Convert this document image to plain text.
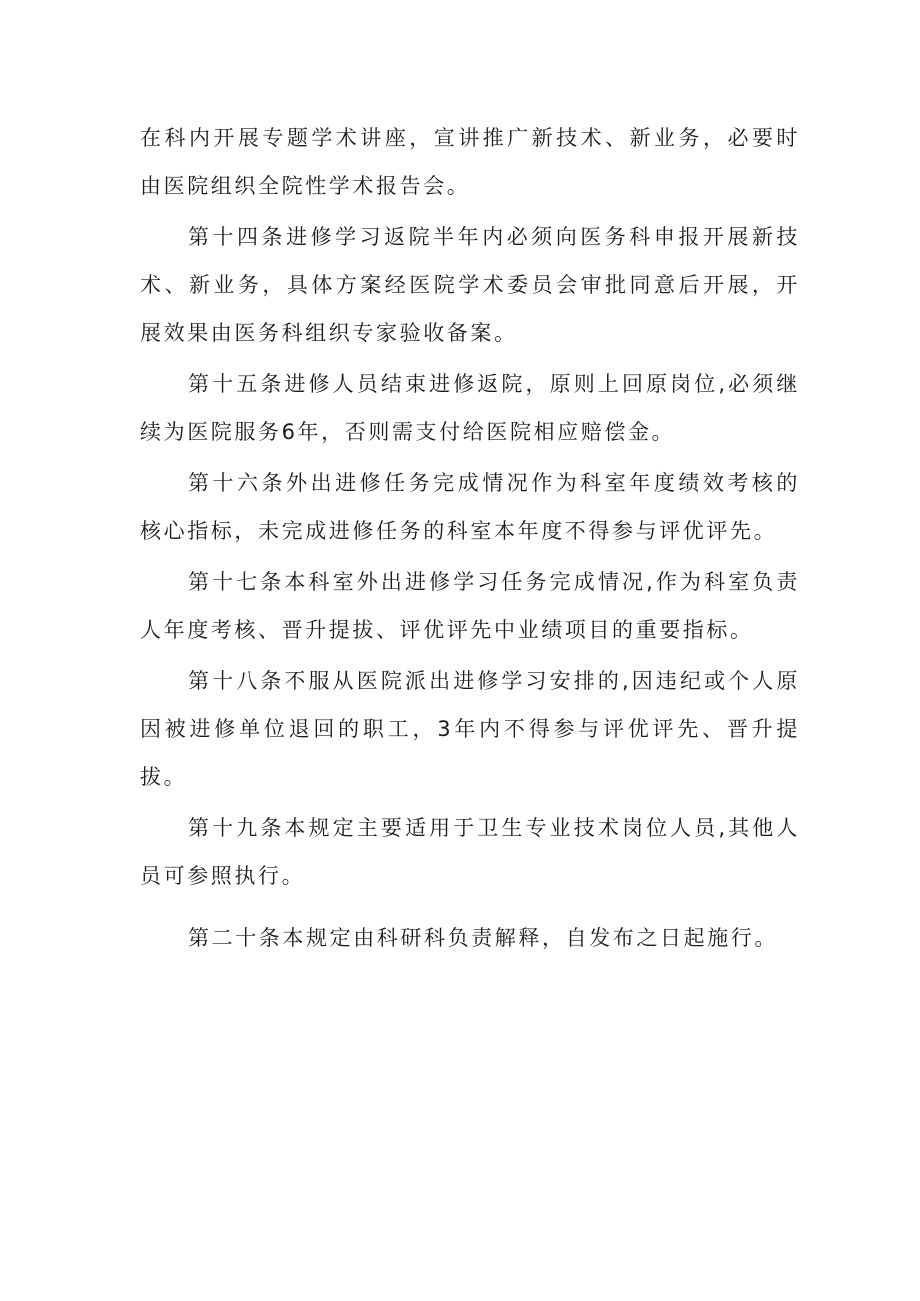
在科内开展专题学术讲座，宣讲推广新技术、新业务，必要时由医院组织全院性学术报告会。

第十四条进修学习返院半年内必须向医务科申报开展新技术、新业务，具体方案经医院学术委员会审批同意后开展，开展效果由医务科组织专家验收备案。

第十五条进修人员结束进修返院，原则上回原岗位,必须继续为医院服务6年，否则需支付给医院相应赔偿金。

第十六条外出进修任务完成情况作为科室年度绩效考核的核心指标，未完成进修任务的科室本年度不得参与评优评先。

第十七条本科室外出进修学习任务完成情况,作为科室负责人年度考核、晋升提拔、评优评先中业绩项目的重要指标。

第十八条不服从医院派出进修学习安排的,因违纪或个人原因被进修单位退回的职工，3年内不得参与评优评先、晋升提拔。

第十九条本规定主要适用于卫生专业技术岗位人员,其他人员可参照执行。

第二十条本规定由科研科负责解释，自发布之日起施行。
